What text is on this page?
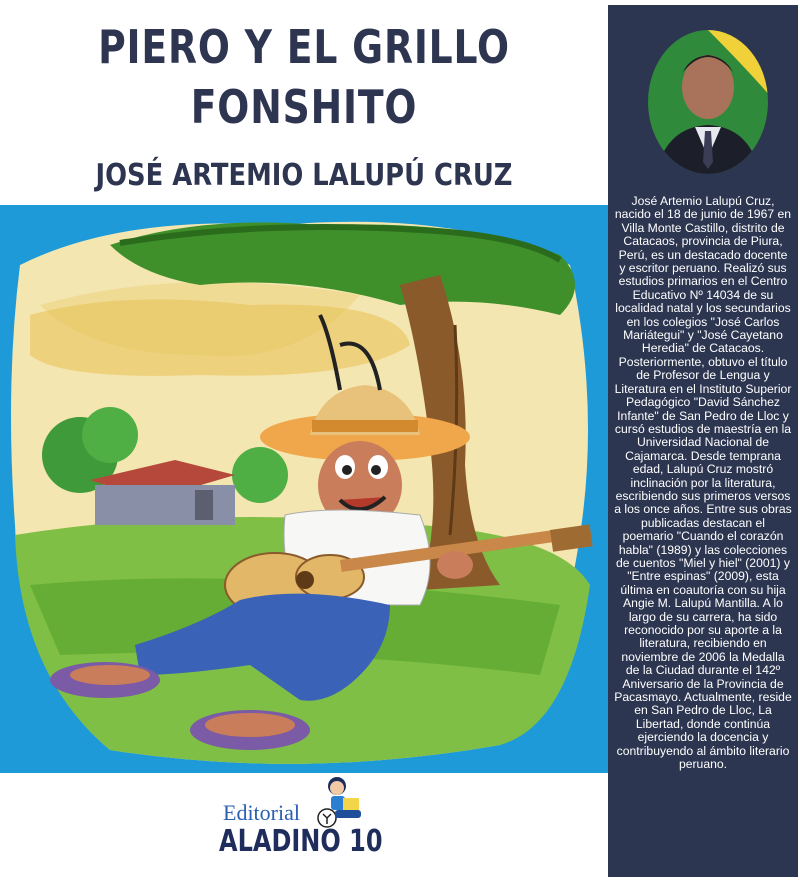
PIERO Y EL GRILLO
FONSHITO
JOSÉ ARTEMIO LALUPÚ CRUZ
Editorial
ALADINO 10
José Artemio Lalupú Cruz, nacido el 18 de junio de 1967 en Villa Monte Castillo, distrito de Catacaos, provincia de Piura, Perú, es un destacado docente y escritor peruano. Realizó sus estudios primarios en el Centro Educativo Nº 14034 de su localidad natal y los secundarios en los colegios "José Carlos Mariátegui" y "José Cayetano Heredia" de Catacaos. Posteriormente, obtuvo el título de Profesor de Lengua y Literatura en el Instituto Superior Pedagógico "David Sánchez Infante" de San Pedro de Lloc y cursó estudios de maestría en la Universidad Nacional de Cajamarca. Desde temprana edad, Lalupú Cruz mostró inclinación por la literatura, escribiendo sus primeros versos a los once años. Entre sus obras publicadas destacan el poemario "Cuando el corazón habla" (1989) y las colecciones de cuentos "Miel y hiel" (2001) y "Entre espinas" (2009), esta última en coautoría con su hija Angie M. Lalupú Mantilla. A lo largo de su carrera, ha sido reconocido por su aporte a la literatura, recibiendo en noviembre de 2006 la Medalla de la Ciudad durante el 142º Aniversario de la Provincia de Pacasmayo. Actualmente, reside en San Pedro de Lloc, La Libertad, donde continúa ejerciendo la docencia y contribuyendo al ámbito literario peruano.
